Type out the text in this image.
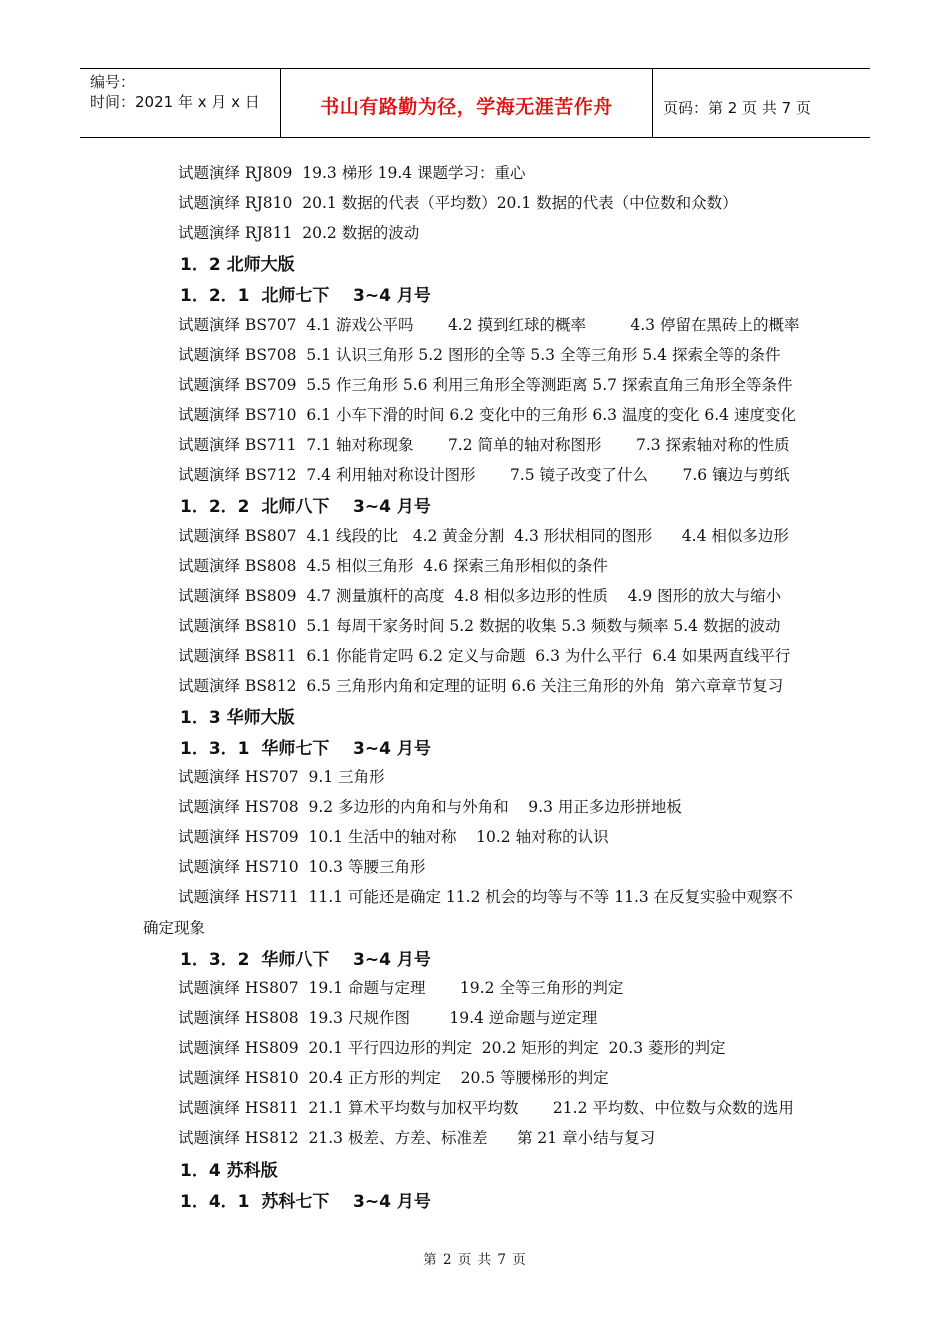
编号：
时间：2021 年 x 月 x 日	书山有路勤为径，学海无涯苦作舟	页码：第 2 页 共 7 页
试题演绎 RJ809  19.3 梯形 19.4 课题学习：重心
试题演绎 RJ810  20.1 数据的代表（平均数）20.1 数据的代表（中位数和众数）
试题演绎 RJ811  20.2 数据的波动
1．2 北师大版
1．2．1  北师七下    3~4 月号
试题演绎 BS707  4.1 游戏公平吗       4.2 摸到红球的概率         4.3 停留在黑砖上的概率
试题演绎 BS708  5.1 认识三角形 5.2 图形的全等 5.3 全等三角形 5.4 探索全等的条件
试题演绎 BS709  5.5 作三角形 5.6 利用三角形全等测距离 5.7 探索直角三角形全等条件
试题演绎 BS710  6.1 小车下滑的时间 6.2 变化中的三角形 6.3 温度的变化 6.4 速度变化
试题演绎 BS711  7.1 轴对称现象       7.2 简单的轴对称图形       7.3 探索轴对称的性质
试题演绎 BS712  7.4 利用轴对称设计图形       7.5 镜子改变了什么       7.6 镶边与剪纸
1．2．2  北师八下    3~4 月号
试题演绎 BS807  4.1 线段的比   4.2 黄金分割  4.3 形状相同的图形      4.4 相似多边形
试题演绎 BS808  4.5 相似三角形  4.6 探索三角形相似的条件
试题演绎 BS809  4.7 测量旗杆的高度  4.8 相似多边形的性质    4.9 图形的放大与缩小
试题演绎 BS810  5.1 每周干家务时间 5.2 数据的收集 5.3 频数与频率 5.4 数据的波动
试题演绎 BS811  6.1 你能肯定吗 6.2 定义与命题  6.3 为什么平行  6.4 如果两直线平行
试题演绎 BS812  6.5 三角形内角和定理的证明 6.6 关注三角形的外角  第六章章节复习
1．3 华师大版
1．3．1  华师七下    3~4 月号
试题演绎 HS707  9.1 三角形
试题演绎 HS708  9.2 多边形的内角和与外角和    9.3 用正多边形拼地板
试题演绎 HS709  10.1 生活中的轴对称    10.2 轴对称的认识
试题演绎 HS710  10.3 等腰三角形
试题演绎 HS711  11.1 可能还是确定 11.2 机会的均等与不等 11.3 在反复实验中观察不
确定现象
1．3．2  华师八下    3~4 月号
试题演绎 HS807  19.1 命题与定理       19.2 全等三角形的判定
试题演绎 HS808  19.3 尺规作图        19.4 逆命题与逆定理
试题演绎 HS809  20.1 平行四边形的判定  20.2 矩形的判定  20.3 菱形的判定
试题演绎 HS810  20.4 正方形的判定    20.5 等腰梯形的判定
试题演绎 HS811  21.1 算术平均数与加权平均数       21.2 平均数、中位数与众数的选用
试题演绎 HS812  21.3 极差、方差、标准差      第 21 章小结与复习
1．4 苏科版
1．4．1  苏科七下    3~4 月号
第 2 页 共 7 页
